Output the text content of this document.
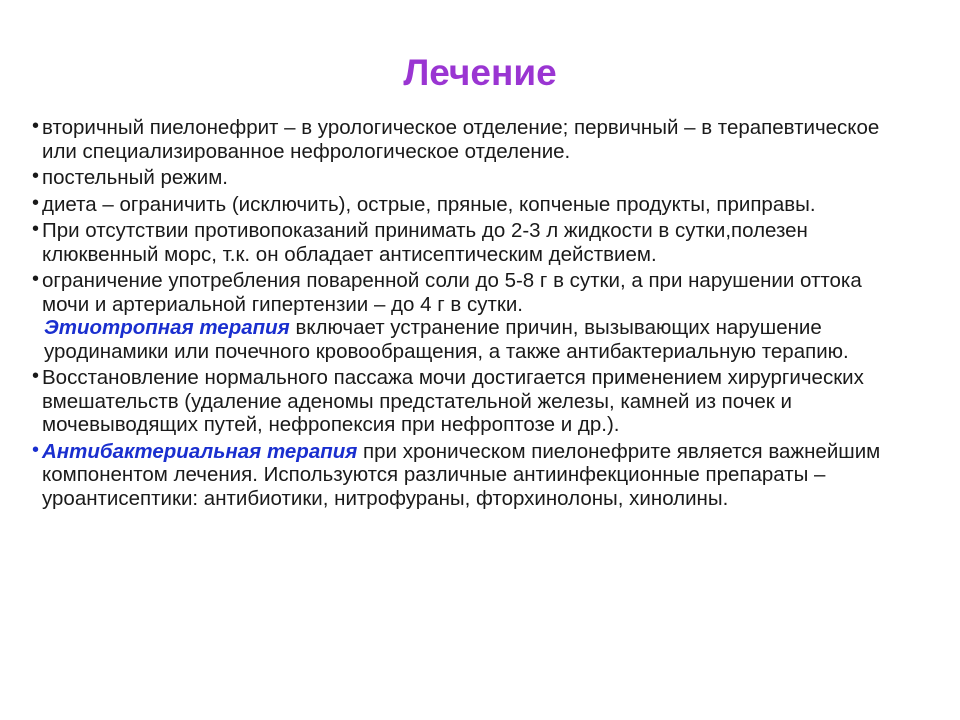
Лечение
• вторичный пиелонефрит – в урологическое отделение; первичный – в терапевтическое или специализированное нефрологическое отделение.
• постельный режим.
• диета – ограничить (исключить), острые, пряные, копченые продукты, приправы.
• При отсутствии противопоказаний принимать до 2-3 л жидкости в сутки,полезен клюквенный морс, т.к. он обладает антисептическим действием.
• ограничение употребления поваренной соли до 5-8 г в сутки, а при нарушении оттока мочи и артериальной гипертензии – до 4 г в сутки.
Этиотропная терапия включает устранение причин, вызывающих нарушение уродинамики или почечного кровообращения, а также антибактериальную терапию.
• Восстановление нормального пассажа мочи достигается применением хирургических вмешательств (удаление аденомы предстательной железы, камней из почек и мочевыводящих путей, нефропексия при нефроптозе и др.).
• Антибактериальная терапия при хроническом пиелонефрите является важнейшим компонентом лечения. Используются различные антиинфекционные препараты – уроантисептики: антибиотики, нитрофураны, фторхинолоны, хинолины.
